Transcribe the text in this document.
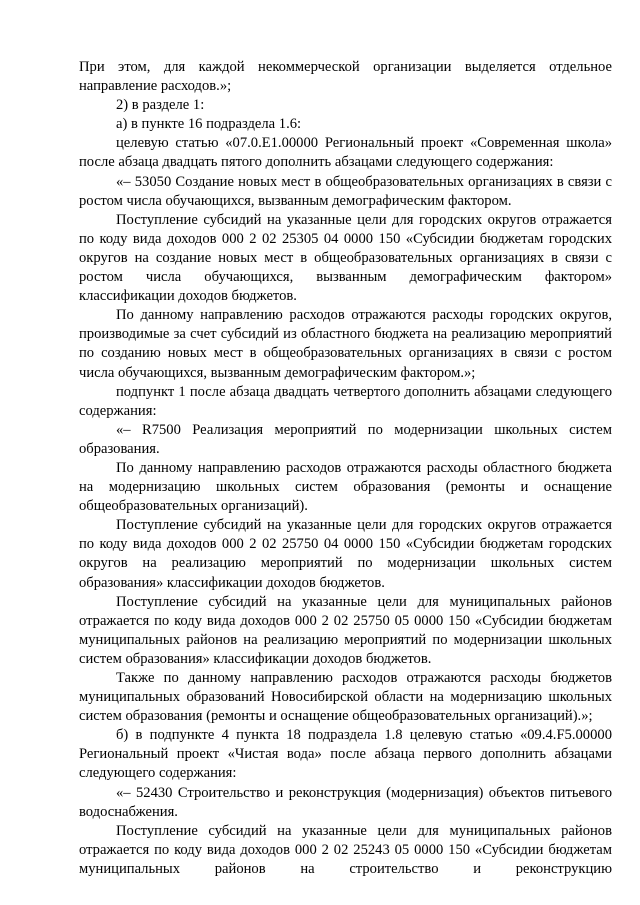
При этом, для каждой некоммерческой организации выделяется отдельное направление расходов.»;

2) в разделе 1:

а) в пункте 16 подраздела 1.6:

целевую статью «07.0.E1.00000 Региональный проект «Современная школа» после абзаца двадцать пятого дополнить абзацами следующего содержания:

«– 53050 Создание новых мест в общеобразовательных организациях в связи с ростом числа обучающихся, вызванным демографическим фактором.

Поступление субсидий на указанные цели для городских округов отражается по коду вида доходов 000 2 02 25305 04 0000 150 «Субсидии бюджетам городских округов на создание новых мест в общеобразовательных организациях в связи с ростом числа обучающихся, вызванным демографическим фактором» классификации доходов бюджетов.

По данному направлению расходов отражаются расходы городских округов, производимые за счет субсидий из областного бюджета на реализацию мероприятий по созданию новых мест в общеобразовательных организациях в связи с ростом числа обучающихся, вызванным демографическим фактором.»;

подпункт 1 после абзаца двадцать четвертого дополнить абзацами следующего содержания:

«– R7500 Реализация мероприятий по модернизации школьных систем образования.

По данному направлению расходов отражаются расходы областного бюджета на модернизацию школьных систем образования (ремонты и оснащение общеобразовательных организаций).

Поступление субсидий на указанные цели для городских округов отражается по коду вида доходов 000 2 02 25750 04 0000 150 «Субсидии бюджетам городских округов на реализацию мероприятий по модернизации школьных систем образования» классификации доходов бюджетов.

Поступление субсидий на указанные цели для муниципальных районов отражается по коду вида доходов 000 2 02 25750 05 0000 150 «Субсидии бюджетам муниципальных районов на реализацию мероприятий по модернизации школьных систем образования» классификации доходов бюджетов.

Также по данному направлению расходов отражаются расходы бюджетов муниципальных образований Новосибирской области на модернизацию школьных систем образования (ремонты и оснащение общеобразовательных организаций).»;

б) в подпункте 4 пункта 18 подраздела 1.8 целевую статью «09.4.F5.00000 Региональный проект «Чистая вода» после абзаца первого дополнить абзацами следующего содержания:

«– 52430 Строительство и реконструкция (модернизация) объектов питьевого водоснабжения.

Поступление субсидий на указанные цели для муниципальных районов отражается по коду вида доходов 000 2 02 25243 05 0000 150 «Субсидии бюджетам муниципальных районов на строительство и реконструкцию
